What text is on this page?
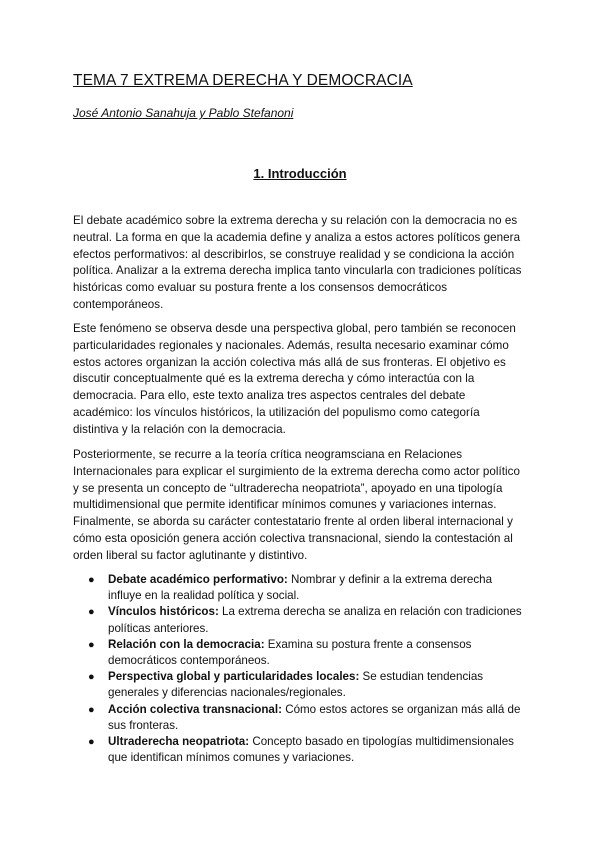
TEMA 7 EXTREMA DERECHA Y DEMOCRACIA

José Antonio Sanahuja y Pablo Stefanoni

1. Introducción

El debate académico sobre la extrema derecha y su relación con la democracia no es neutral. La forma en que la academia define y analiza a estos actores políticos genera efectos performativos: al describirlos, se construye realidad y se condiciona la acción política. Analizar a la extrema derecha implica tanto vincularla con tradiciones políticas históricas como evaluar su postura frente a los consensos democráticos contemporáneos.

Este fenómeno se observa desde una perspectiva global, pero también se reconocen particularidades regionales y nacionales. Además, resulta necesario examinar cómo estos actores organizan la acción colectiva más allá de sus fronteras. El objetivo es discutir conceptualmente qué es la extrema derecha y cómo interactúa con la democracia. Para ello, este texto analiza tres aspectos centrales del debate académico: los vínculos históricos, la utilización del populismo como categoría distintiva y la relación con la democracia.

Posteriormente, se recurre a la teoría crítica neogramsciana en Relaciones Internacionales para explicar el surgimiento de la extrema derecha como actor político y se presenta un concepto de “ultraderecha neopatriota”, apoyado en una tipología multidimensional que permite identificar mínimos comunes y variaciones internas. Finalmente, se aborda su carácter contestatario frente al orden liberal internacional y cómo esta oposición genera acción colectiva transnacional, siendo la contestación al orden liberal su factor aglutinante y distintivo.

● Debate académico performativo: Nombrar y definir a la extrema derecha influye en la realidad política y social.
● Vínculos históricos: La extrema derecha se analiza en relación con tradiciones políticas anteriores.
● Relación con la democracia: Examina su postura frente a consensos democráticos contemporáneos.
● Perspectiva global y particularidades locales: Se estudian tendencias generales y diferencias nacionales/regionales.
● Acción colectiva transnacional: Cómo estos actores se organizan más allá de sus fronteras.
● Ultraderecha neopatriota: Concepto basado en tipologías multidimensionales que identifican mínimos comunes y variaciones.
